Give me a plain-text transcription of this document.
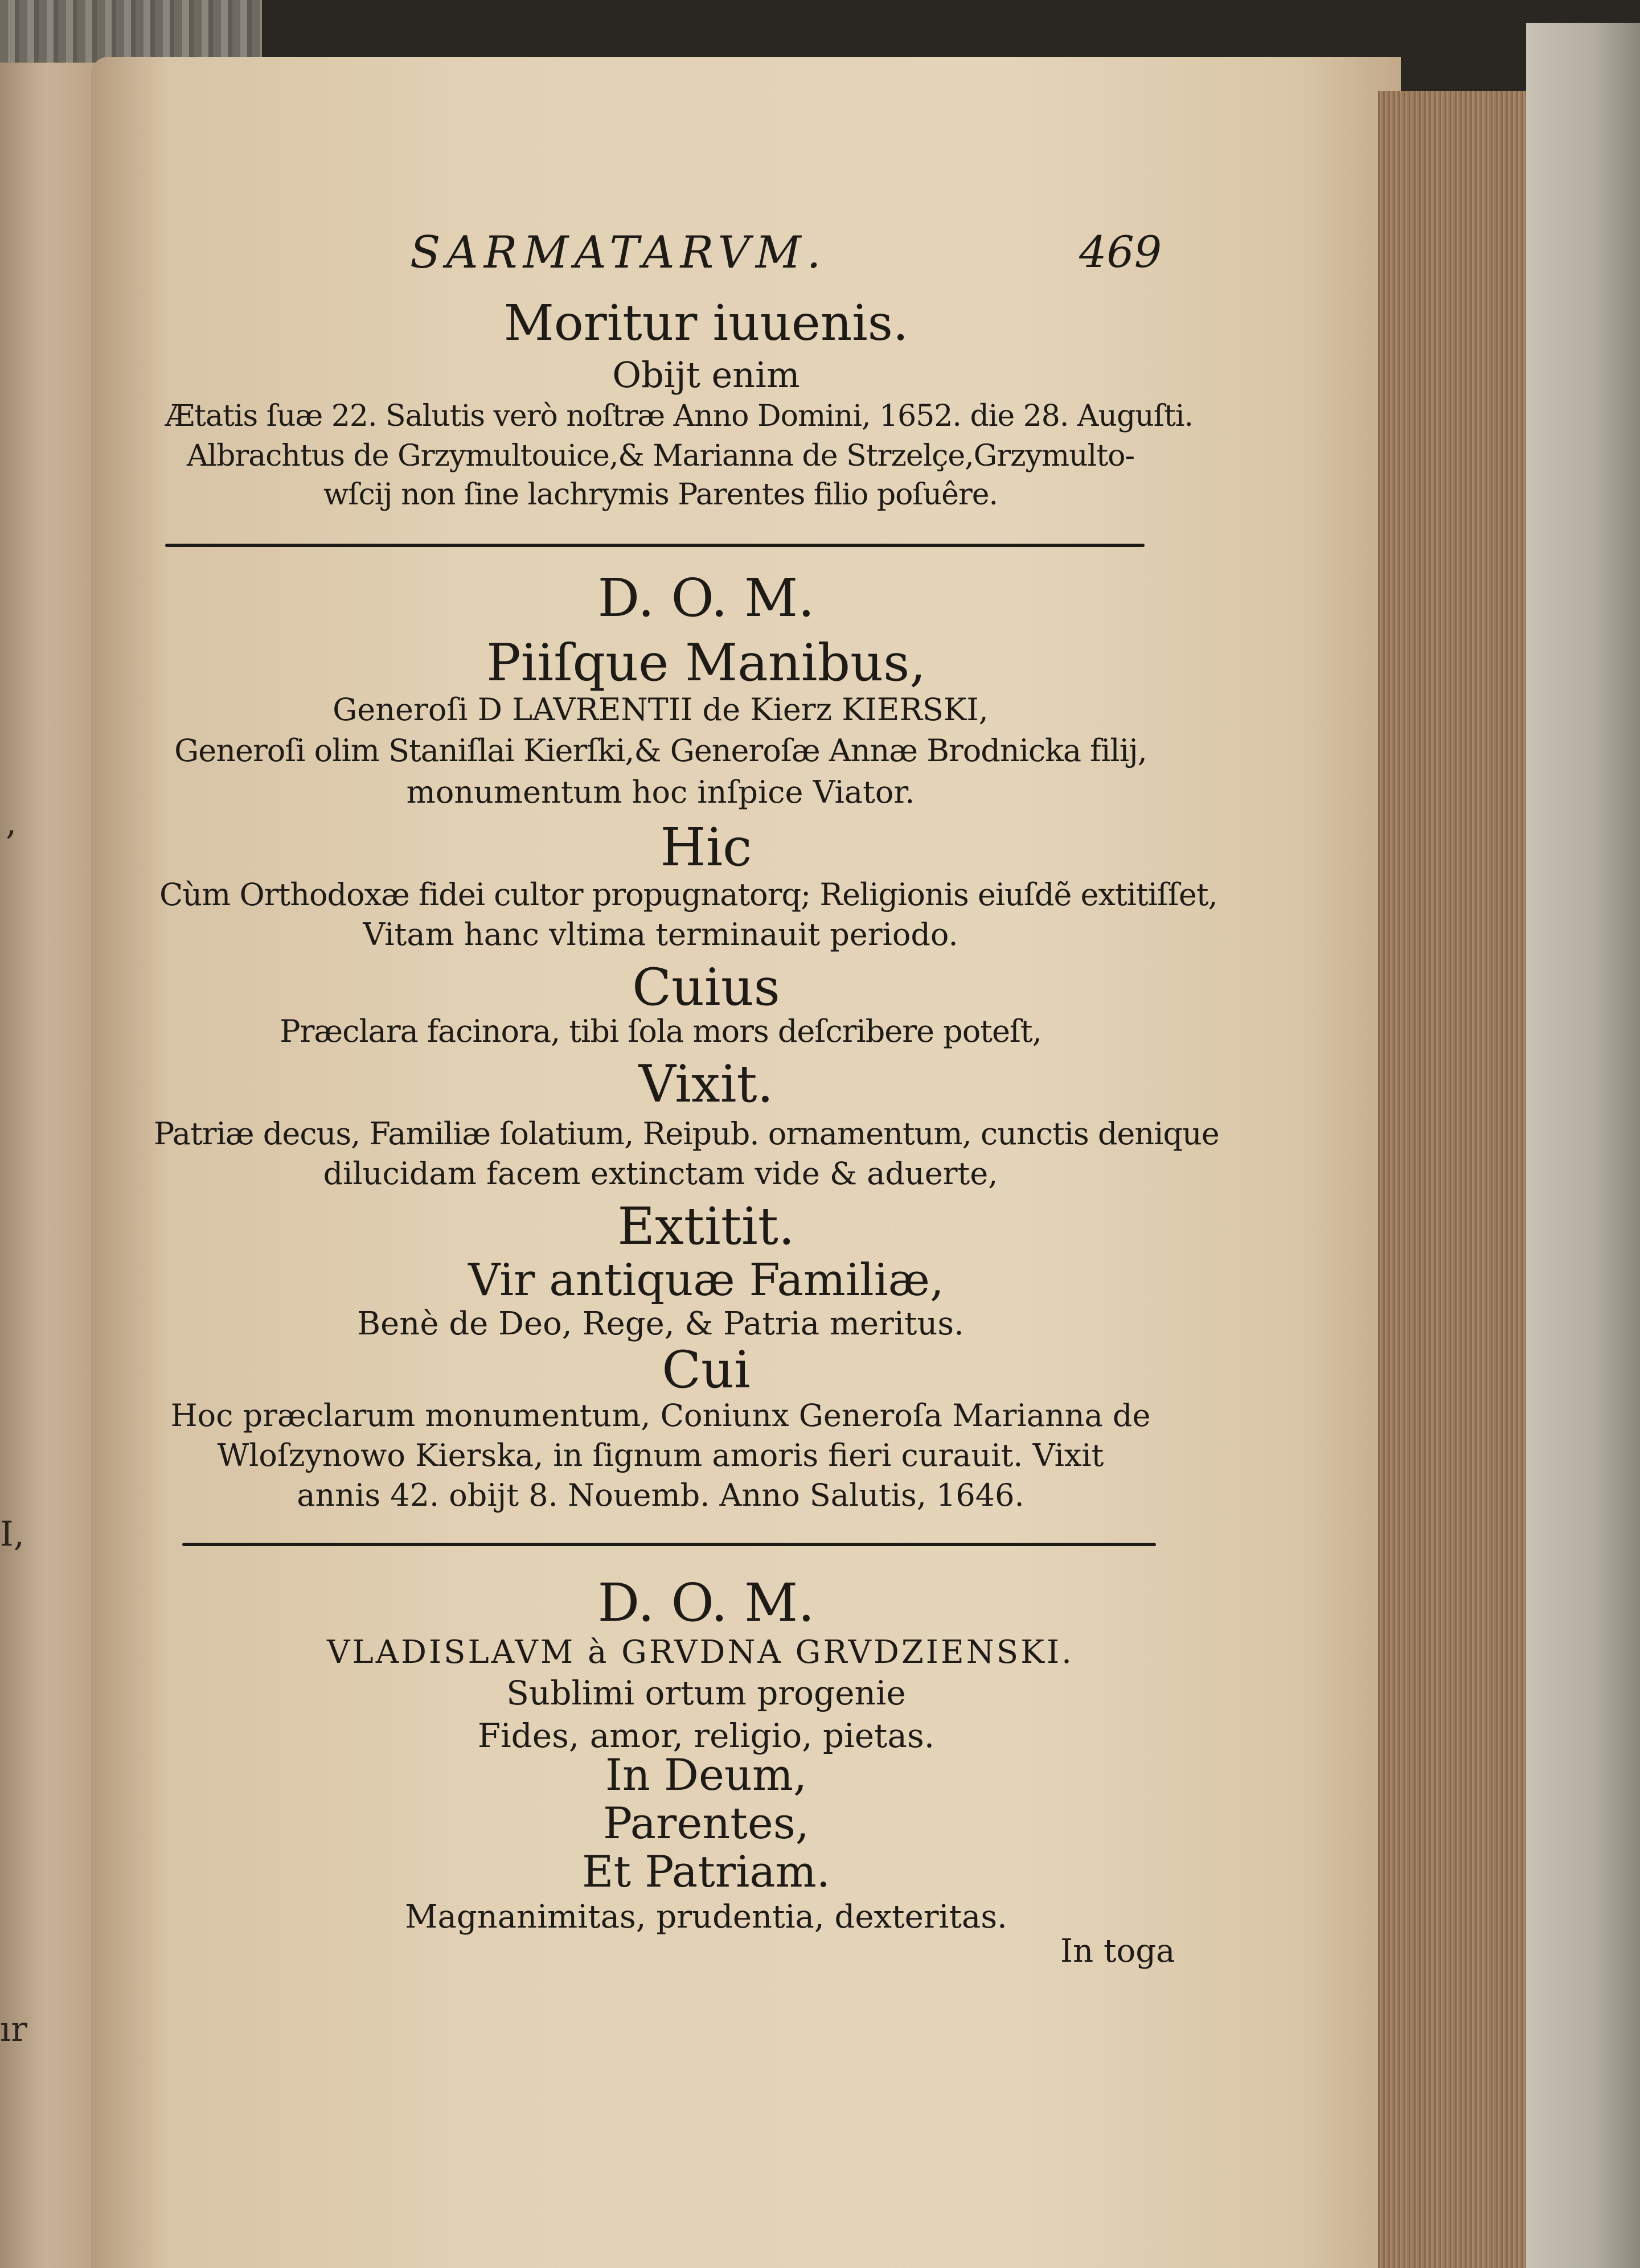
,
I,
ır
SARMATARVM.	469
Moritur iuuenis.
Obijt enim
Ætatis ſuæ 22. Salutis verò noſtræ Anno Domini, 1652. die 28. Auguſti.
Albrachtus de Grzymultouice,& Marianna de Strzelçe,Grzymulto-
wſcij non ſine lachrymis Parentes filio poſuêre.
D. O. M.
Piiſque Manibus,
Generoſi D LAVRENTII de Kierz KIERSKI,
Generoſi olim Staniſlai Kierſki,& Generoſæ Annæ Brodnicka filij,
monumentum hoc inſpice Viator.
Hic
Cùm Orthodoxæ fidei cultor propugnatorq; Religionis eiuſdẽ extitiſſet,
Vitam hanc vltima terminauit periodo.
Cuius
Præclara facinora, tibi ſola mors deſcribere poteſt,
Vixit.
Patriæ decus, Familiæ ſolatium, Reipub. ornamentum, cunctis denique
dilucidam facem extinctam vide & aduerte,
Extitit.
Vir antiquæ Familiæ,
Benè de Deo, Rege, & Patria meritus.
Cui
Hoc præclarum monumentum, Coniunx Generoſa Marianna de
Wloſzynowo Kierska, in ſignum amoris fieri curauit. Vixit
annis 42. obijt 8. Nouemb. Anno Salutis, 1646.
D. O. M.
VLADISLAVM à GRVDNA GRVDZIENSKI.
Sublimi ortum progenie
Fides, amor, religio, pietas.
In Deum,
Parentes,
Et Patriam.
Magnanimitas, prudentia, dexteritas.
In toga
